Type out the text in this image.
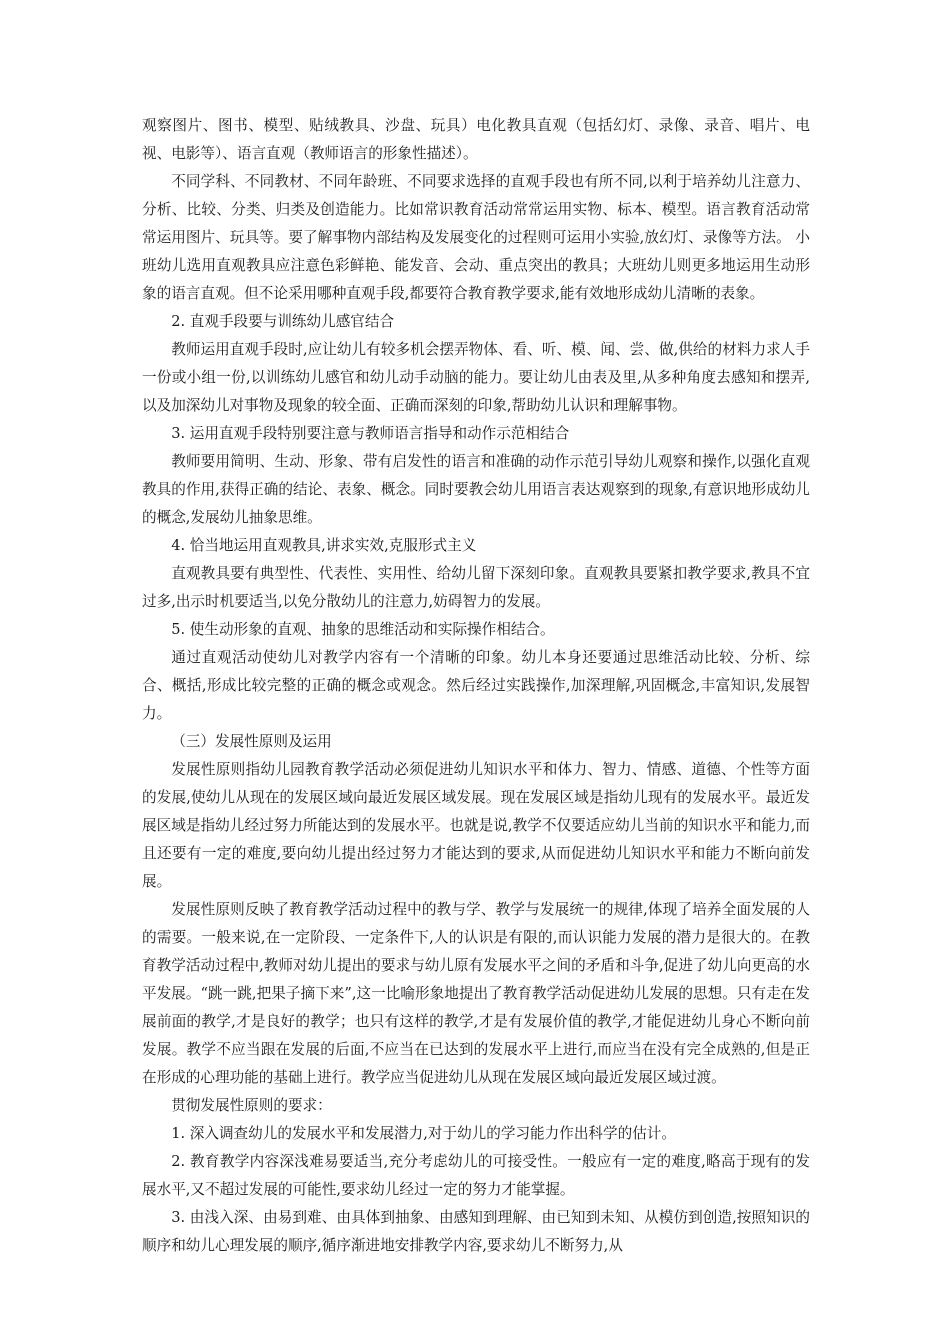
观察图片、图书、模型、贴绒教具、沙盘、玩具）电化教具直观（包括幻灯、录像、录音、唱片、电视、电影等）、语言直观（教师语言的形象性描述）。

不同学科、不同教材、不同年龄班、不同要求选择的直观手段也有所不同,以利于培养幼儿注意力、分析、比较、分类、归类及创造能力。比如常识教育活动常常运用实物、标本、模型。语言教育活动常常运用图片、玩具等。要了解事物内部结构及发展变化的过程则可运用小实验,放幻灯、录像等方法。 小班幼儿选用直观教具应注意色彩鲜艳、能发音、会动、重点突出的教具；大班幼儿则更多地运用生动形象的语言直观。但不论采用哪种直观手段,都要符合教育教学要求,能有效地形成幼儿清晰的表象。

2. 直观手段要与训练幼儿感官结合

教师运用直观手段时,应让幼儿有较多机会摆弄物体、看、听、模、闻、尝、做,供给的材料力求人手一份或小组一份,以训练幼儿感官和幼儿动手动脑的能力。要让幼儿由表及里,从多种角度去感知和摆弄,以及加深幼儿对事物及现象的较全面、正确而深刻的印象,帮助幼儿认识和理解事物。

3. 运用直观手段特别要注意与教师语言指导和动作示范相结合

教师要用简明、生动、形象、带有启发性的语言和准确的动作示范引导幼儿观察和操作,以强化直观教具的作用,获得正确的结论、表象、概念。同时要教会幼儿用语言表达观察到的现象,有意识地形成幼儿的概念,发展幼儿抽象思维。

4. 恰当地运用直观教具,讲求实效,克服形式主义

直观教具要有典型性、代表性、实用性、给幼儿留下深刻印象。直观教具要紧扣教学要求,教具不宜过多,出示时机要适当,以免分散幼儿的注意力,妨碍智力的发展。

5. 使生动形象的直观、抽象的思维活动和实际操作相结合。

通过直观活动使幼儿对教学内容有一个清晰的印象。幼儿本身还要通过思维活动比较、分析、综合、概括,形成比较完整的正确的概念或观念。然后经过实践操作,加深理解,巩固概念,丰富知识,发展智力。

（三）发展性原则及运用

发展性原则指幼儿园教育教学活动必须促进幼儿知识水平和体力、智力、情感、道德、个性等方面的发展,使幼儿从现在的发展区域向最近发展区域发展。现在发展区域是指幼儿现有的发展水平。最近发展区域是指幼儿经过努力所能达到的发展水平。也就是说,教学不仅要适应幼儿当前的知识水平和能力,而且还要有一定的难度,要向幼儿提出经过努力才能达到的要求,从而促进幼儿知识水平和能力不断向前发展。

发展性原则反映了教育教学活动过程中的教与学、教学与发展统一的规律,体现了培养全面发展的人的需要。一般来说,在一定阶段、一定条件下,人的认识是有限的,而认识能力发展的潜力是很大的。在教育教学活动过程中,教师对幼儿提出的要求与幼儿原有发展水平之间的矛盾和斗争,促进了幼儿向更高的水平发展。“跳一跳,把果子摘下来”,这一比喻形象地提出了教育教学活动促进幼儿发展的思想。只有走在发展前面的教学,才是良好的教学；也只有这样的教学,才是有发展价值的教学,才能促进幼儿身心不断向前发展。教学不应当跟在发展的后面,不应当在已达到的发展水平上进行,而应当在没有完全成熟的,但是正在形成的心理功能的基础上进行。教学应当促进幼儿从现在发展区域向最近发展区域过渡。

贯彻发展性原则的要求：

1. 深入调查幼儿的发展水平和发展潜力,对于幼儿的学习能力作出科学的估计。

2. 教育教学内容深浅难易要适当,充分考虑幼儿的可接受性。一般应有一定的难度,略高于现有的发展水平,又不超过发展的可能性,要求幼儿经过一定的努力才能掌握。

3. 由浅入深、由易到难、由具体到抽象、由感知到理解、由已知到未知、从模仿到创造,按照知识的顺序和幼儿心理发展的顺序,循序渐进地安排教学内容,要求幼儿不断努力,从
